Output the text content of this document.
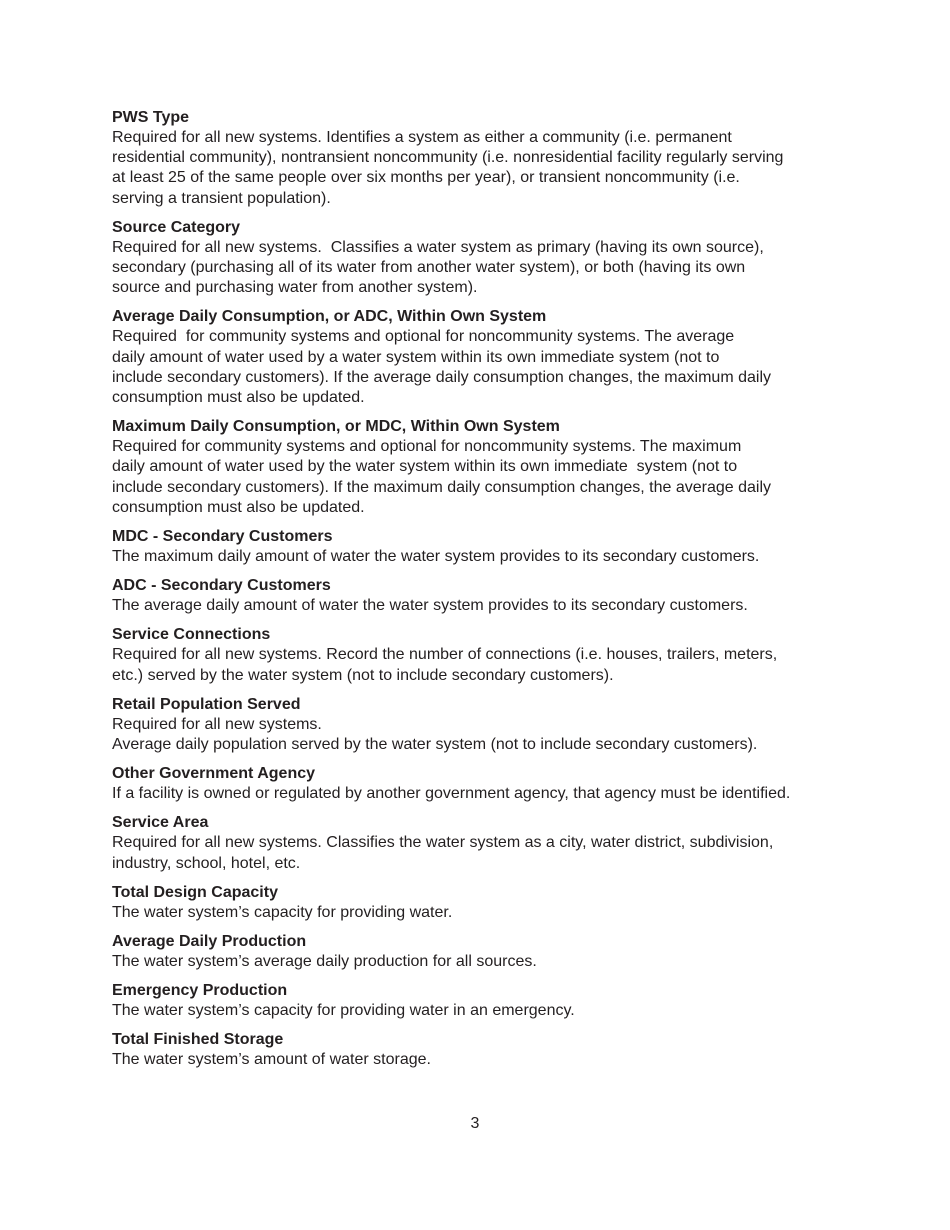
PWS Type
Required for all new systems. Identifies a system as either a community (i.e. permanent
residential community), nontransient noncommunity (i.e. nonresidential facility regularly serving
at least 25 of the same people over six months per year), or transient noncommunity (i.e.
serving a transient population).
Source Category
Required for all new systems.  Classifies a water system as primary (having its own source),
secondary (purchasing all of its water from another water system), or both (having its own
source and purchasing water from another system).
Average Daily Consumption, or ADC, Within Own System
Required  for community systems and optional for noncommunity systems. The average
daily amount of water used by a water system within its own immediate system (not to
include secondary customers). If the average daily consumption changes, the maximum daily
consumption must also be updated.
Maximum Daily Consumption, or MDC, Within Own System
Required for community systems and optional for noncommunity systems. The maximum
daily amount of water used by the water system within its own immediate  system (not to
include secondary customers). If the maximum daily consumption changes, the average daily
consumption must also be updated.
MDC - Secondary Customers
The maximum daily amount of water the water system provides to its secondary customers.
ADC - Secondary Customers
The average daily amount of water the water system provides to its secondary customers.
Service Connections
Required for all new systems. Record the number of connections (i.e. houses, trailers, meters,
etc.) served by the water system (not to include secondary customers).
Retail Population Served
Required for all new systems.
Average daily population served by the water system (not to include secondary customers).
Other Government Agency
If a facility is owned or regulated by another government agency, that agency must be identified.
Service Area
Required for all new systems. Classifies the water system as a city, water district, subdivision,
industry, school, hotel, etc.
Total Design Capacity
The water system’s capacity for providing water.
Average Daily Production
The water system’s average daily production for all sources.
Emergency Production
The water system’s capacity for providing water in an emergency.
Total Finished Storage
The water system’s amount of water storage.
3
